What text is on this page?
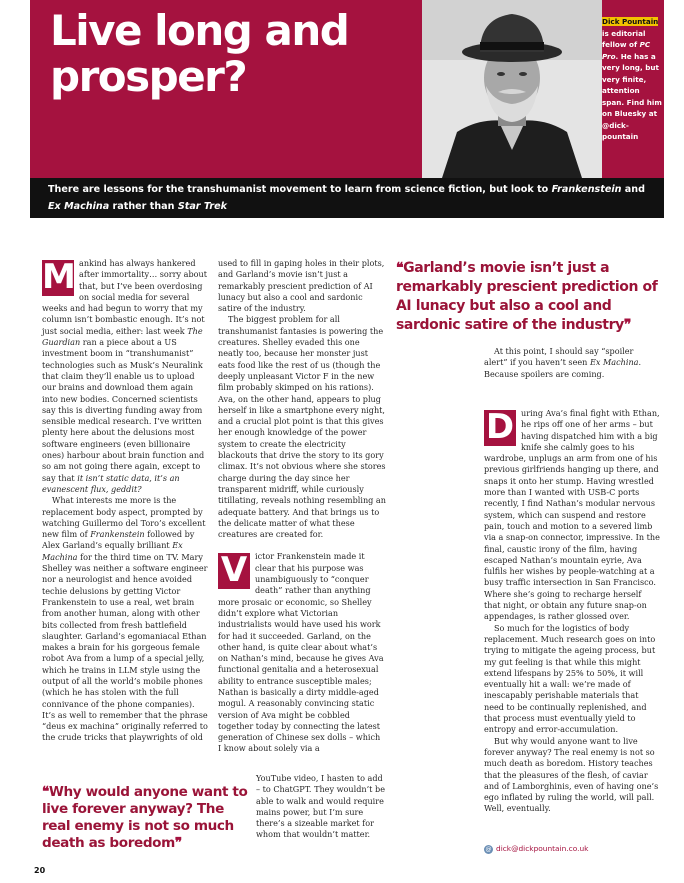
Live long and
prosper?
Dick Pountain is editorial fellow of PC Pro. He has a very long, but very finite, attention span. Find him on Bluesky at @dick-pountain
There are lessons for the transhumanist movement to learn from science fiction, but look to Frankenstein and Ex Machina rather than Star Trek

M ankind has always hankered after immortality… sorry about that, but I’ve been overdosing on social media for several weeks and had begun to worry that my column isn’t bombastic enough. It’s not just social media, either: last week The Guardian ran a piece about a US investment boom in “transhumanist” technologies such as Musk’s Neuralink that claim they’ll enable us to upload our brains and download them again into new bodies. Concerned scientists say this is diverting funding away from sensible medical research. I’ve written plenty here about the delusions most software engineers (even billionaire ones) harbour about brain function and so am not going there again, except to say that it isn’t static data, it’s an evanescent flux, geddit?

What interests me more is the replacement body aspect, prompted by watching Guillermo del Toro’s excellent new film of Frankenstein followed by Alex Garland’s equally brilliant Ex Machina for the third time on TV. Mary Shelley was neither a software engineer nor a neurologist and hence avoided techie delusions by getting Victor Frankenstein to use a real, wet brain from another human, along with other bits collected from fresh battlefield slaughter. Garland’s egomaniacal Ethan makes a brain for his gorgeous female robot Ava from a lump of a special jelly, which he trains in LLM style using the output of all the world’s mobile phones (which he has stolen with the full connivance of the phone companies). It’s as well to remember that the phrase “deus ex machina” originally referred to the crude tricks that playwrights of old

❝Why would anyone want to live forever anyway? The real enemy is not so much death as boredom❞

used to fill in gaping holes in their plots, and Garland’s movie isn’t just a remarkably prescient prediction of AI lunacy but also a cool and sardonic satire of the industry.

The biggest problem for all transhumanist fantasies is powering the creatures. Shelley evaded this one neatly too, because her monster just eats food like the rest of us (though the deeply unpleasant Victor F in the new film probably skimped on his rations). Ava, on the other hand, appears to plug herself in like a smartphone every night, and a crucial plot point is that this gives her enough knowledge of the power system to create the electricity blackouts that drive the story to its gory climax. It’s not obvious where she stores charge during the day since her transparent midriff, while curiously titillating, reveals nothing resembling an adequate battery. And that brings us to the delicate matter of what these creatures are created for.

V ictor Frankenstein made it clear that his purpose was unambiguously to “conquer death” rather than anything more prosaic or economic, so Shelley didn’t explore what Victorian industrialists would have used his work for had it succeeded. Garland, on the other hand, is quite clear about what’s on Nathan’s mind, because he gives Ava functional genitalia and a heterosexual ability to entrance susceptible males; Nathan is basically a dirty middle-aged mogul. A reasonably convincing static version of Ava might be cobbled together today by connecting the latest generation of Chinese sex dolls – which I know about solely via a

YouTube video, I hasten to add – to ChatGPT. They wouldn’t be able to walk and would require mains power, but I’m sure there’s a sizeable market for whom that wouldn’t matter.

❝Garland’s movie isn’t just a remarkably prescient prediction of AI lunacy but also a cool and sardonic satire of the industry❞

At this point, I should say “spoiler alert” if you haven’t seen Ex Machina. Because spoilers are coming.

D uring Ava’s final fight with Ethan, he rips off one of her arms – but having dispatched him with a big knife she calmly goes to his wardrobe, unplugs an arm from one of his previous girlfriends hanging up there, and snaps it onto her stump. Having wrestled more than I wanted with USB-C ports recently, I find Nathan’s modular nervous system, which can suspend and restore pain, touch and motion to a severed limb via a snap-on connector, impressive. In the final, caustic irony of the film, having escaped Nathan’s mountain eyrie, Ava fulfils her wishes by people-watching at a busy traffic intersection in San Francisco. Where she’s going to recharge herself that night, or obtain any future snap-on appendages, is rather glossed over.

So much for the logistics of body replacement. Much research goes on into trying to mitigate the ageing process, but my gut feeling is that while this might extend lifespans by 25% to 50%, it will eventually hit a wall: we’re made of inescapably perishable materials that need to be continually replenished, and that process must eventually yield to entropy and error-accumulation.

But why would anyone want to live forever anyway? The real enemy is not so much death as boredom. History teaches that the pleasures of the flesh, of caviar and of Lamborghinis, even of having one’s ego inflated by ruling the world, will pall. Well, eventually.

@ dick@dickpountain.co.uk
20
